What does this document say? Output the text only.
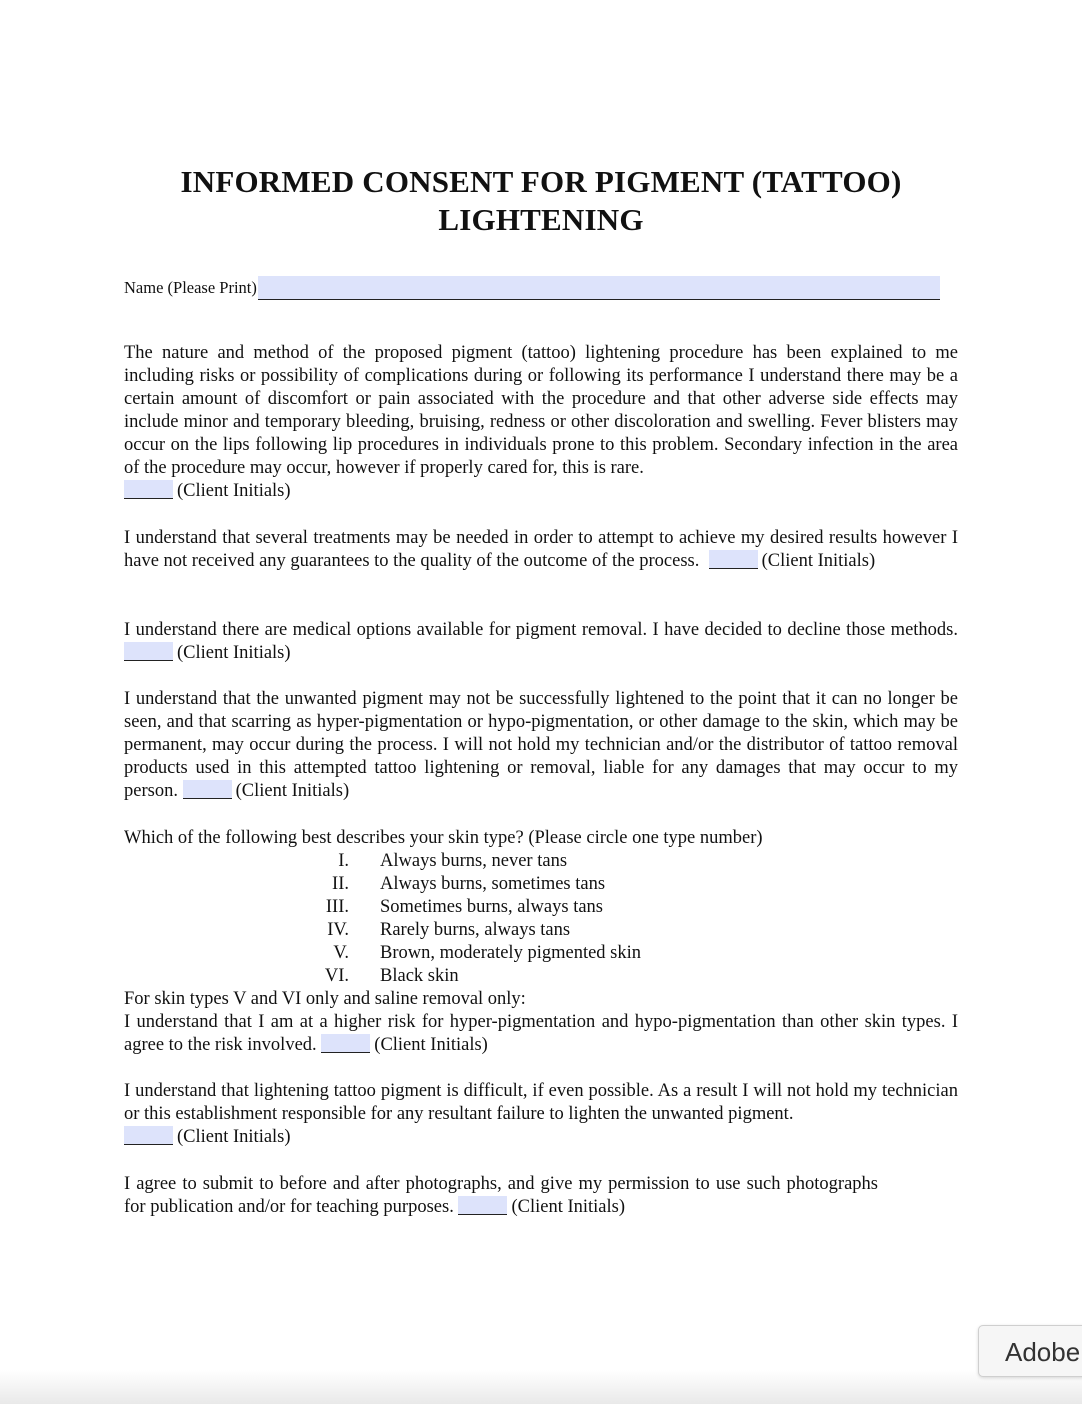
INFORMED CONSENT FOR PIGMENT (TATTOO)
LIGHTENING
Name (Please Print)

The nature and method of the proposed pigment (tattoo) lightening procedure has been explained to me including risks or possibility of complications during or following its performance I understand there may be a certain amount of discomfort or pain associated with the procedure and that other adverse side effects may include minor and temporary bleeding, bruising, redness or other discoloration and swelling. Fever blisters may occur on the lips following lip procedures in individuals prone to this problem. Secondary infection in the area of the procedure may occur, however if properly cared for, this is rare.
(Client Initials)

I understand that several treatments may be needed in order to attempt to achieve my desired results however I have not received any guarantees to the quality of the outcome of the process.	(Client Initials)

I understand there are medical options available for pigment removal. I have decided to decline those methods. (Client Initials)

I understand that the unwanted pigment may not be successfully lightened to the point that it can no longer be seen, and that scarring as hyper-pigmentation or hypo-pigmentation, or other damage to the skin, which may be permanent, may occur during the process. I will not hold my technician and/or the distributor of tattoo removal products used in this attempted tattoo lightening or removal, liable for any damages that may occur to my person.	(Client Initials)

Which of the following best describes your skin type? (Please circle one type number)

I. Always burns, never tans
II. Always burns, sometimes tans
III. Sometimes burns, always tans
IV. Rarely burns, always tans
V. Brown, moderately pigmented skin
VI. Black skin

For skin types V and VI only and saline removal only:

I understand that I am at a higher risk for hyper-pigmentation and hypo-pigmentation than other skin types. I agree to the risk involved.	(Client Initials)

I understand that lightening tattoo pigment is difficult, if even possible. As a result I will not hold my technician or this establishment responsible for any resultant failure to lighten the unwanted pigment.
(Client Initials)

I agree to submit to before and after photographs, and give my permission to use such photographs for publication and/or for teaching purposes.	(Client Initials)

Adobe
